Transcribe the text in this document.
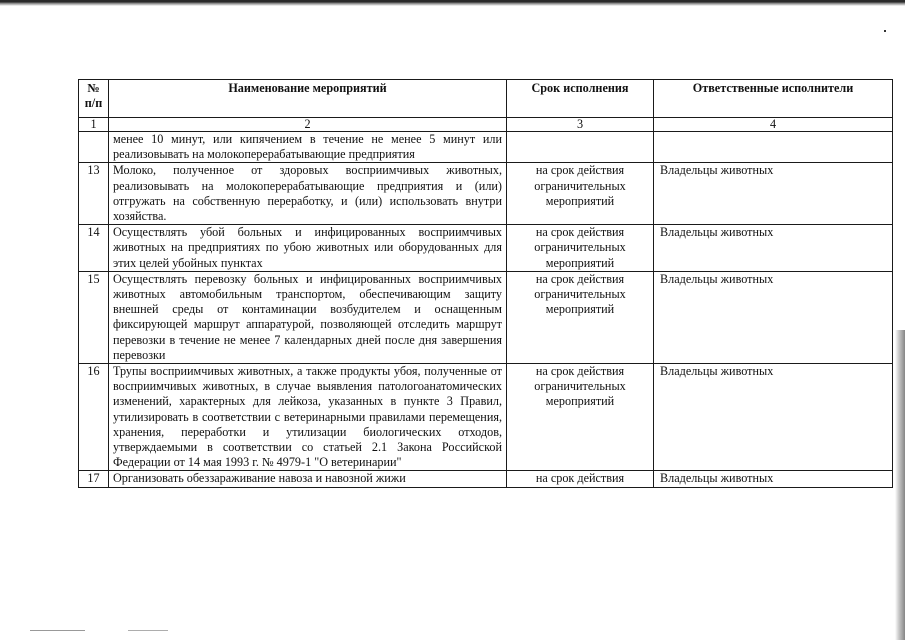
№ п/п	Наименование мероприятий	Срок исполнения	Ответственные исполнители
1	2	3	4
	менее 10 минут, или кипячением в течение не менее 5 минут или реализовывать на молокоперерабатывающие предприятия		
13	Молоко, полученное от здоровых восприимчивых животных, реализовывать на молокоперерабатывающие предприятия и (или) отгружать на собственную переработку, и (или) использовать внутри хозяйства.	на срок действия ограничительных мероприятий	Владельцы животных
14	Осуществлять убой больных и инфицированных восприимчивых животных на предприятиях по убою животных или оборудованных для этих целей убойных пунктах	на срок действия ограничительных мероприятий	Владельцы животных
15	Осуществлять перевозку больных и инфицированных восприимчивых животных автомобильным транспортом, обеспечивающим защиту внешней среды от контаминации возбудителем и оснащенным фиксирующей маршрут аппаратурой, позволяющей отследить маршрут перевозки в течение не менее 7 календарных дней после дня завершения перевозки	на срок действия ограничительных мероприятий	Владельцы животных
16	Трупы восприимчивых животных, а также продукты убоя, полученные от восприимчивых животных, в случае выявления патологоанатомических изменений, характерных для лейкоза, указанных в пункте 3 Правил, утилизировать в соответствии с ветеринарными правилами перемещения, хранения, переработки и утилизации биологических отходов, утверждаемыми в соответствии со статьей 2.1 Закона Российской Федерации от 14 мая 1993 г. № 4979-1 "О ветеринарии"	на срок действия ограничительных мероприятий	Владельцы животных
17	Организовать обеззараживание навоза и навозной жижи	на срок действия	Владельцы животных
